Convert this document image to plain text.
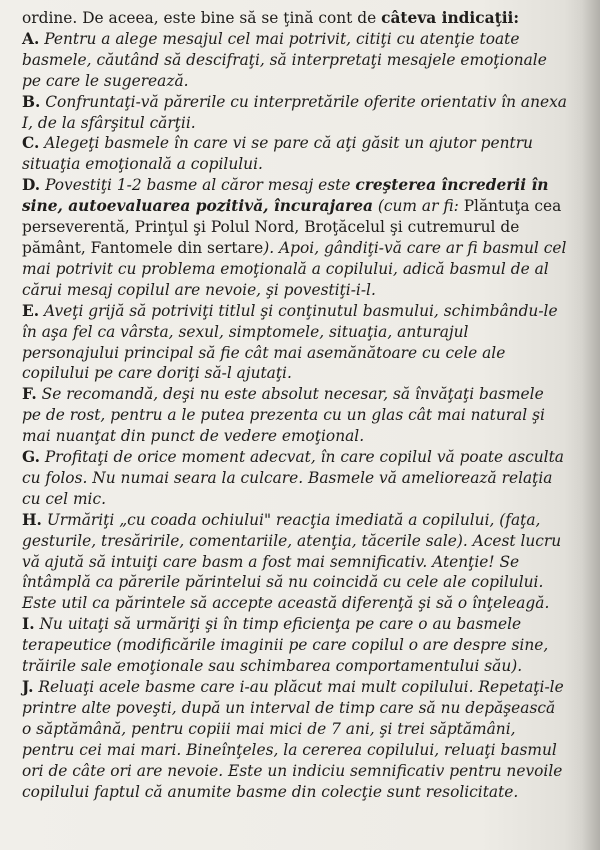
ordine. De aceea, este bine să se ţină cont de câteva indicaţii:

A. Pentru a alege mesajul cel mai potrivit, citiţi cu atenţie toate basmele, căutând să descifraţi, să interpretaţi mesajele emoţionale pe care le sugerează.

B. Confruntaţi-vă părerile cu interpretările oferite orientativ în anexa I, de la sfârşitul cărţii.

C. Alegeţi basmele în care vi se pare că aţi găsit un ajutor pentru situaţia emoţională a copilului.

D. Povestiţi 1-2 basme al căror mesaj este creşterea încrederii în sine, autoevaluarea pozitivă, încurajarea (cum ar fi: Plăntuţa cea perseverentă, Prinţul şi Polul Nord, Broţăcelul şi cutremurul de pământ, Fantomele din sertare). Apoi, gândiţi-vă care ar fi basmul cel mai potrivit cu problema emoţională a copilului, adică basmul de al cărui mesaj copilul are nevoie, şi povestiţi-i-l.

E. Aveţi grijă să potriviţi titlul şi conţinutul basmului, schimbându-le în aşa fel ca vârsta, sexul, simptomele, situaţia, anturajul personajului principal să fie cât mai asemănătoare cu cele ale copilului pe care doriţi să-l ajutaţi.

F. Se recomandă, deşi nu este absolut necesar, să învăţaţi basmele pe de rost, pentru a le putea prezenta cu un glas cât mai natural şi mai nuanţat din punct de vedere emoţional.

G. Profitaţi de orice moment adecvat, în care copilul vă poate asculta cu folos. Nu numai seara la culcare. Basmele vă ameliorează relaţia cu cel mic.

H. Urmăriţi „cu coada ochiului" reacţia imediată a copilului, (faţa, gesturile, tresăririle, comentariile, atenţia, tăcerile sale). Acest lucru vă ajută să intuiţi care basm a fost mai semnificativ. Atenţie! Se întâmplă ca părerile părintelui să nu coincidă cu cele ale copilului. Este util ca părintele să accepte această diferenţă şi să o înţeleagă.

I. Nu uitaţi să urmăriţi şi în timp eficienţa pe care o au basmele terapeutice (modificările imaginii pe care copilul o are despre sine, trăirile sale emoţionale sau schimbarea comportamentului său).

J. Reluaţi acele basme care i-au plăcut mai mult copilului. Repetaţi-le printre alte poveşti, după un interval de timp care să nu depăşească o săptămână, pentru copiii mai mici de 7 ani, şi trei săptămâni, pentru cei mai mari. Bineînţeles, la cererea copilului, reluaţi basmul ori de câte ori are nevoie. Este un indiciu semnificativ pentru nevoile copilului faptul că anumite basme din colecţie sunt resolicitate.
